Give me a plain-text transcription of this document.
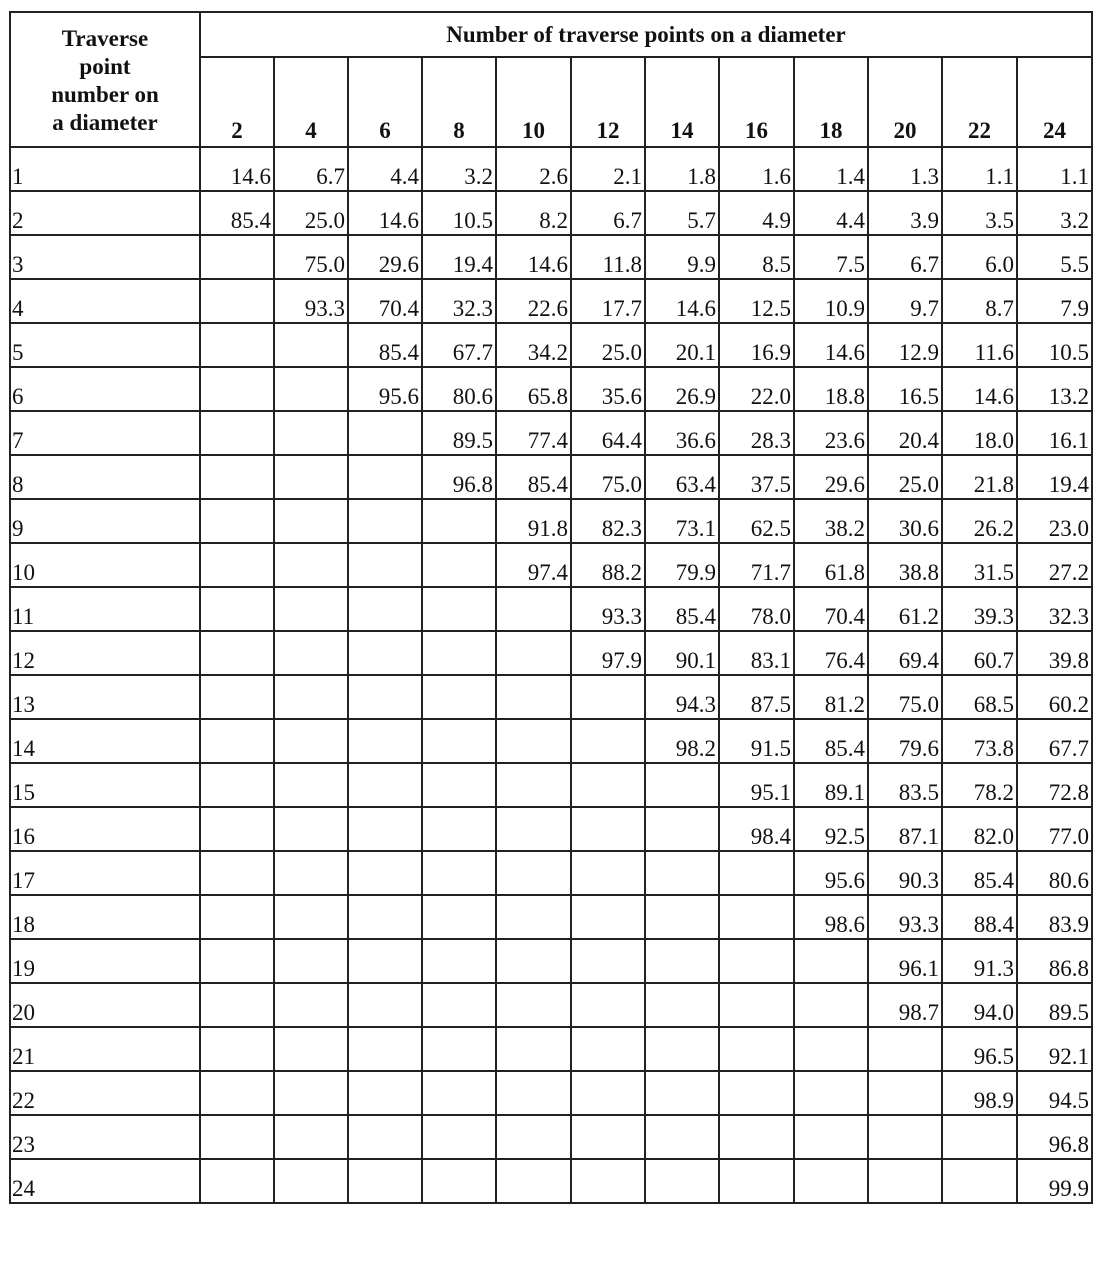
Traverse
point
number on
a diameter	Number of traverse points on a diameter											
	2	4	6	8	10	12	14	16	18	20	22	24
1	14.6	6.7	4.4	3.2	2.6	2.1	1.8	1.6	1.4	1.3	1.1	1.1
2	85.4	25.0	14.6	10.5	8.2	6.7	5.7	4.9	4.4	3.9	3.5	3.2
3		75.0	29.6	19.4	14.6	11.8	9.9	8.5	7.5	6.7	6.0	5.5
4		93.3	70.4	32.3	22.6	17.7	14.6	12.5	10.9	9.7	8.7	7.9
5			85.4	67.7	34.2	25.0	20.1	16.9	14.6	12.9	11.6	10.5
6			95.6	80.6	65.8	35.6	26.9	22.0	18.8	16.5	14.6	13.2
7				89.5	77.4	64.4	36.6	28.3	23.6	20.4	18.0	16.1
8				96.8	85.4	75.0	63.4	37.5	29.6	25.0	21.8	19.4
9					91.8	82.3	73.1	62.5	38.2	30.6	26.2	23.0
10					97.4	88.2	79.9	71.7	61.8	38.8	31.5	27.2
11						93.3	85.4	78.0	70.4	61.2	39.3	32.3
12						97.9	90.1	83.1	76.4	69.4	60.7	39.8
13							94.3	87.5	81.2	75.0	68.5	60.2
14							98.2	91.5	85.4	79.6	73.8	67.7
15								95.1	89.1	83.5	78.2	72.8
16								98.4	92.5	87.1	82.0	77.0
17									95.6	90.3	85.4	80.6
18									98.6	93.3	88.4	83.9
19										96.1	91.3	86.8
20										98.7	94.0	89.5
21											96.5	92.1
22											98.9	94.5
23												96.8
24												99.9
